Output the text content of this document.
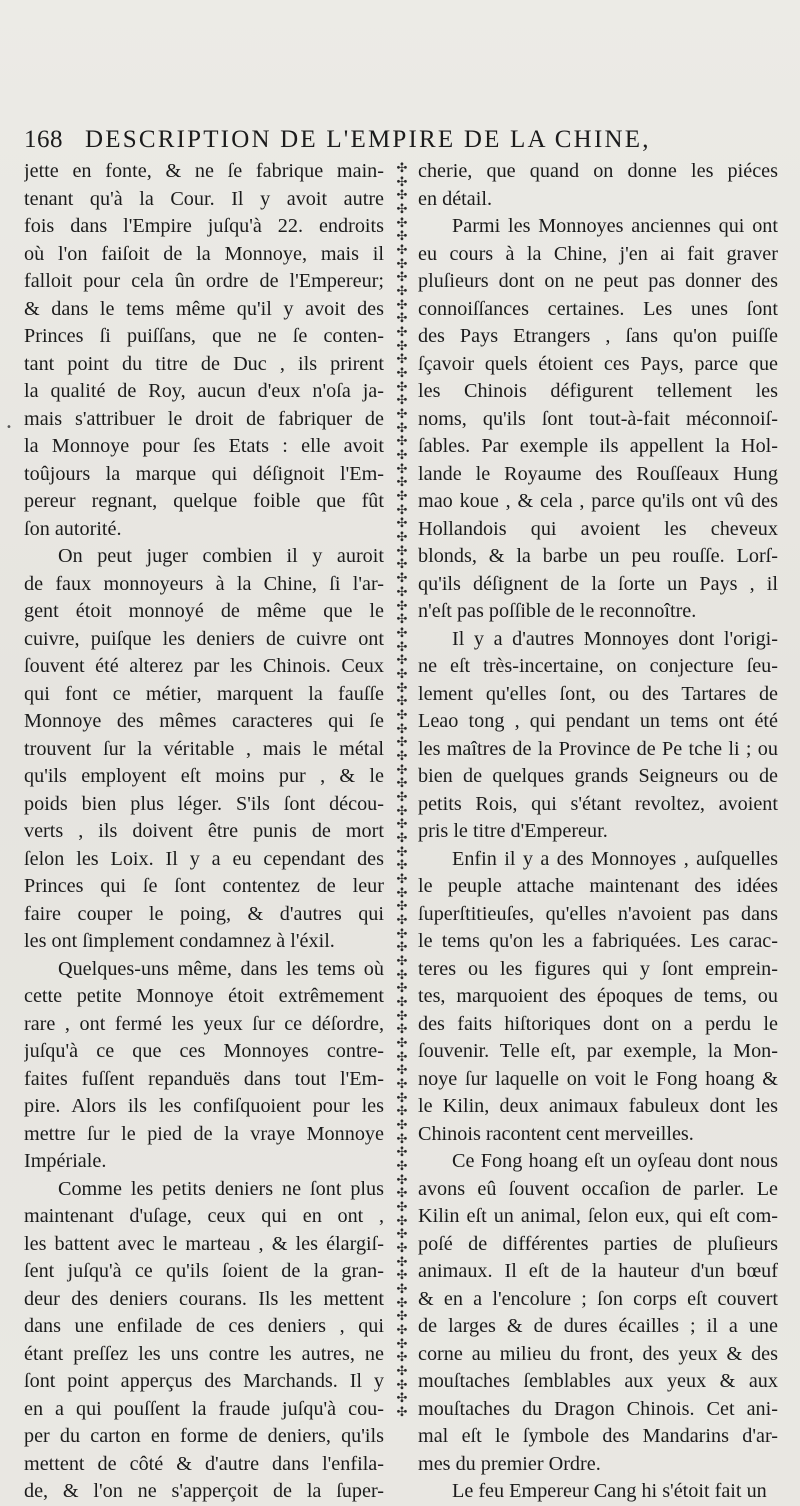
168 DESCRIPTION DE L'EMPIRE DE LA CHINE,
jette en fonte, & ne ſe fabrique main-
tenant qu'à la Cour. Il y avoit autre
fois dans l'Empire juſqu'à 22. endroits
où l'on faiſoit de la Monnoye, mais il
falloit pour cela ûn ordre de l'Empereur;
& dans le tems même qu'il y avoit des
Princes ſi puiſſans, que ne ſe conten-
tant point du titre de Duc , ils prirent
la qualité de Roy, aucun d'eux n'oſa ja-
mais s'attribuer le droit de fabriquer de
la Monnoye pour ſes Etats : elle avoit
toûjours la marque qui déſignoit l'Em-
pereur regnant, quelque foible que fût
ſon autorité.
On peut juger combien il y auroit
de faux monnoyeurs à la Chine, ſi l'ar-
gent étoit monnoyé de même que le
cuivre, puiſque les deniers de cuivre ont
ſouvent été alterez par les Chinois. Ceux
qui font ce métier, marquent la fauſſe
Monnoye des mêmes caracteres qui ſe
trouvent ſur la véritable , mais le métal
qu'ils employent eſt moins pur , & le
poids bien plus léger. S'ils ſont décou-
verts , ils doivent être punis de mort
ſelon les Loix. Il y a eu cependant des
Princes qui ſe ſont contentez de leur
faire couper le poing, & d'autres qui
les ont ſimplement condamnez à l'éxil.
Quelques-uns même, dans les tems où
cette petite Monnoye étoit extrêmement
rare , ont fermé les yeux ſur ce déſordre,
juſqu'à ce que ces Monnoyes contre-
faites fuſſent repanduës dans tout l'Em-
pire. Alors ils les confiſquoient pour les
mettre ſur le pied de la vraye Monnoye
Impériale.
Comme les petits deniers ne ſont plus
maintenant d'uſage, ceux qui en ont ,
les battent avec le marteau , & les élargiſ-
ſent juſqu'à ce qu'ils ſoient de la gran-
deur des deniers courans. Ils les mettent
dans une enfilade de ces deniers , qui
étant preſſez les uns contre les autres, ne
ſont point apperçus des Marchands. Il y
en a qui pouſſent la fraude juſqu'à cou-
per du carton en forme de deniers, qu'ils
mettent de côté & d'autre dans l'enfila-
de, & l'on ne s'apperçoit de la ſuper-
✣
✣
✣
✣
✣
✣
✣
✣
✣
✣
✣
✣
✣
✣
✣
✣
✣
✣
✣
✣
✣
✣
✣
✣
✣
✣
✣
✣
✣
✣
✣
✣
✣
✣
✣
✣
✣
✣
✣
✣
✣
✣
✣
✣
✣
✣
✣
✣
✣
✣
✣
✣
✣
✣
✣
✣
✣
✣
✣
✣
✣
✣
✣
✣
✣
✣
✣
✣
✣
✣
✣
✣
✣
✣
✣
✣
✣
✣
✣
✣
✣
✣
✣
✣
✣
✣
✣
✣
✣
✣
✣
✣
cherie, que quand on donne les piéces
en détail.
Parmi les Monnoyes anciennes qui ont
eu cours à la Chine, j'en ai fait graver
pluſieurs dont on ne peut pas donner des
connoiſſances certaines. Les unes ſont
des Pays Etrangers , ſans qu'on puiſſe
ſçavoir quels étoient ces Pays, parce que
les Chinois défigurent tellement les
noms, qu'ils ſont tout-à-fait méconnoiſ-
ſables. Par exemple ils appellent la Hol-
lande le Royaume des Rouſſeaux Hung
mao koue , & cela , parce qu'ils ont vû des
Hollandois qui avoient les cheveux
blonds, & la barbe un peu rouſſe. Lorſ-
qu'ils déſignent de la ſorte un Pays , il
n'eſt pas poſſible de le reconnoître.
Il y a d'autres Monnoyes dont l'origi-
ne eſt très-incertaine, on conjecture ſeu-
lement qu'elles ſont, ou des Tartares de
Leao tong , qui pendant un tems ont été
les maîtres de la Province de Pe tche li ; ou
bien de quelques grands Seigneurs ou de
petits Rois, qui s'étant revoltez, avoient
pris le titre d'Empereur.
Enfin il y a des Monnoyes , auſquelles
le peuple attache maintenant des idées
ſuperſtitieuſes, qu'elles n'avoient pas dans
le tems qu'on les a fabriquées. Les carac-
teres ou les figures qui y ſont emprein-
tes, marquoient des époques de tems, ou
des faits hiſtoriques dont on a perdu le
ſouvenir. Telle eſt, par exemple, la Mon-
noye ſur laquelle on voit le Fong hoang &
le Kilin, deux animaux fabuleux dont les
Chinois racontent cent merveilles.
Ce Fong hoang eſt un oyſeau dont nous
avons eû ſouvent occaſion de parler. Le
Kilin eſt un animal, ſelon eux, qui eſt com-
poſé de différentes parties de pluſieurs
animaux. Il eſt de la hauteur d'un bœuf
& en a l'encolure ; ſon corps eſt couvert
de larges & de dures écailles ; il a une
corne au milieu du front, des yeux & des
mouſtaches ſemblables aux yeux & aux
mouſtaches du Dragon Chinois. Cet ani-
mal eſt le ſymbole des Mandarins d'ar-
mes du premier Ordre.
Le feu Empereur Cang hi s'étoit fait un
•
